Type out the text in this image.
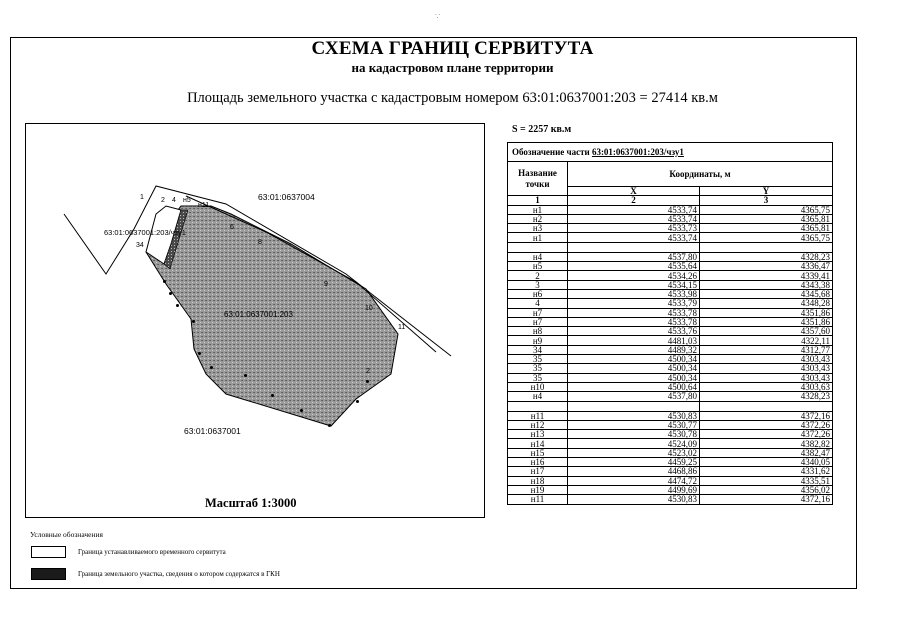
∵
СХЕМА ГРАНИЦ СЕРВИТУТА
на кадастровом плане территории
Площадь земельного участка с кадастровым номером 63:01:0637001:203 = 27414 кв.м
63:01:0637004
63:01:0637001
63:01:0637001:203
63:01:0637001:203/чзу1
1 2 4 н5
н11
6
8
9
10
11
34
2
Масштаб 1:3000
Условные обозначения
Граница устанавливаемого временного сервитута
Граница земельного участка, сведения о котором содержатся в ГКН
S = 2257 кв.м
Обозначение части 63:01:0637001:203/чзу1		
Название точки	Координаты, м	
	X	Y
1	2	3
н1	4533,74	4365,75
н2	4533,74	4365,81
н3	4533,73	4365,81
н1	4533,74	4365,75

н4	4537,80	4328,23
н5	4535,64	4336,47
2	4534,26	4339,41
3	4534,15	4343,38
н6	4533,98	4345,68
4	4533,79	4348,28
н7	4533,78	4351,86
н7	4533,78	4351,86
н8	4533,76	4357,60
н9	4481,03	4322,11
34	4489,32	4312,77
35	4500,34	4303,43
35	4500,34	4303,43
35	4500,34	4303,43
н10	4500,64	4303,63
н4	4537,80	4328,23

н11	4530,83	4372,16
н12	4530,77	4372,26
н13	4530,78	4372,26
н14	4524,09	4382,82
н15	4523,02	4382,47
н16	4459,25	4340,05
н17	4468,86	4331,62
н18	4474,72	4335,51
н19	4499,69	4356,02
н11	4530,83	4372,16
